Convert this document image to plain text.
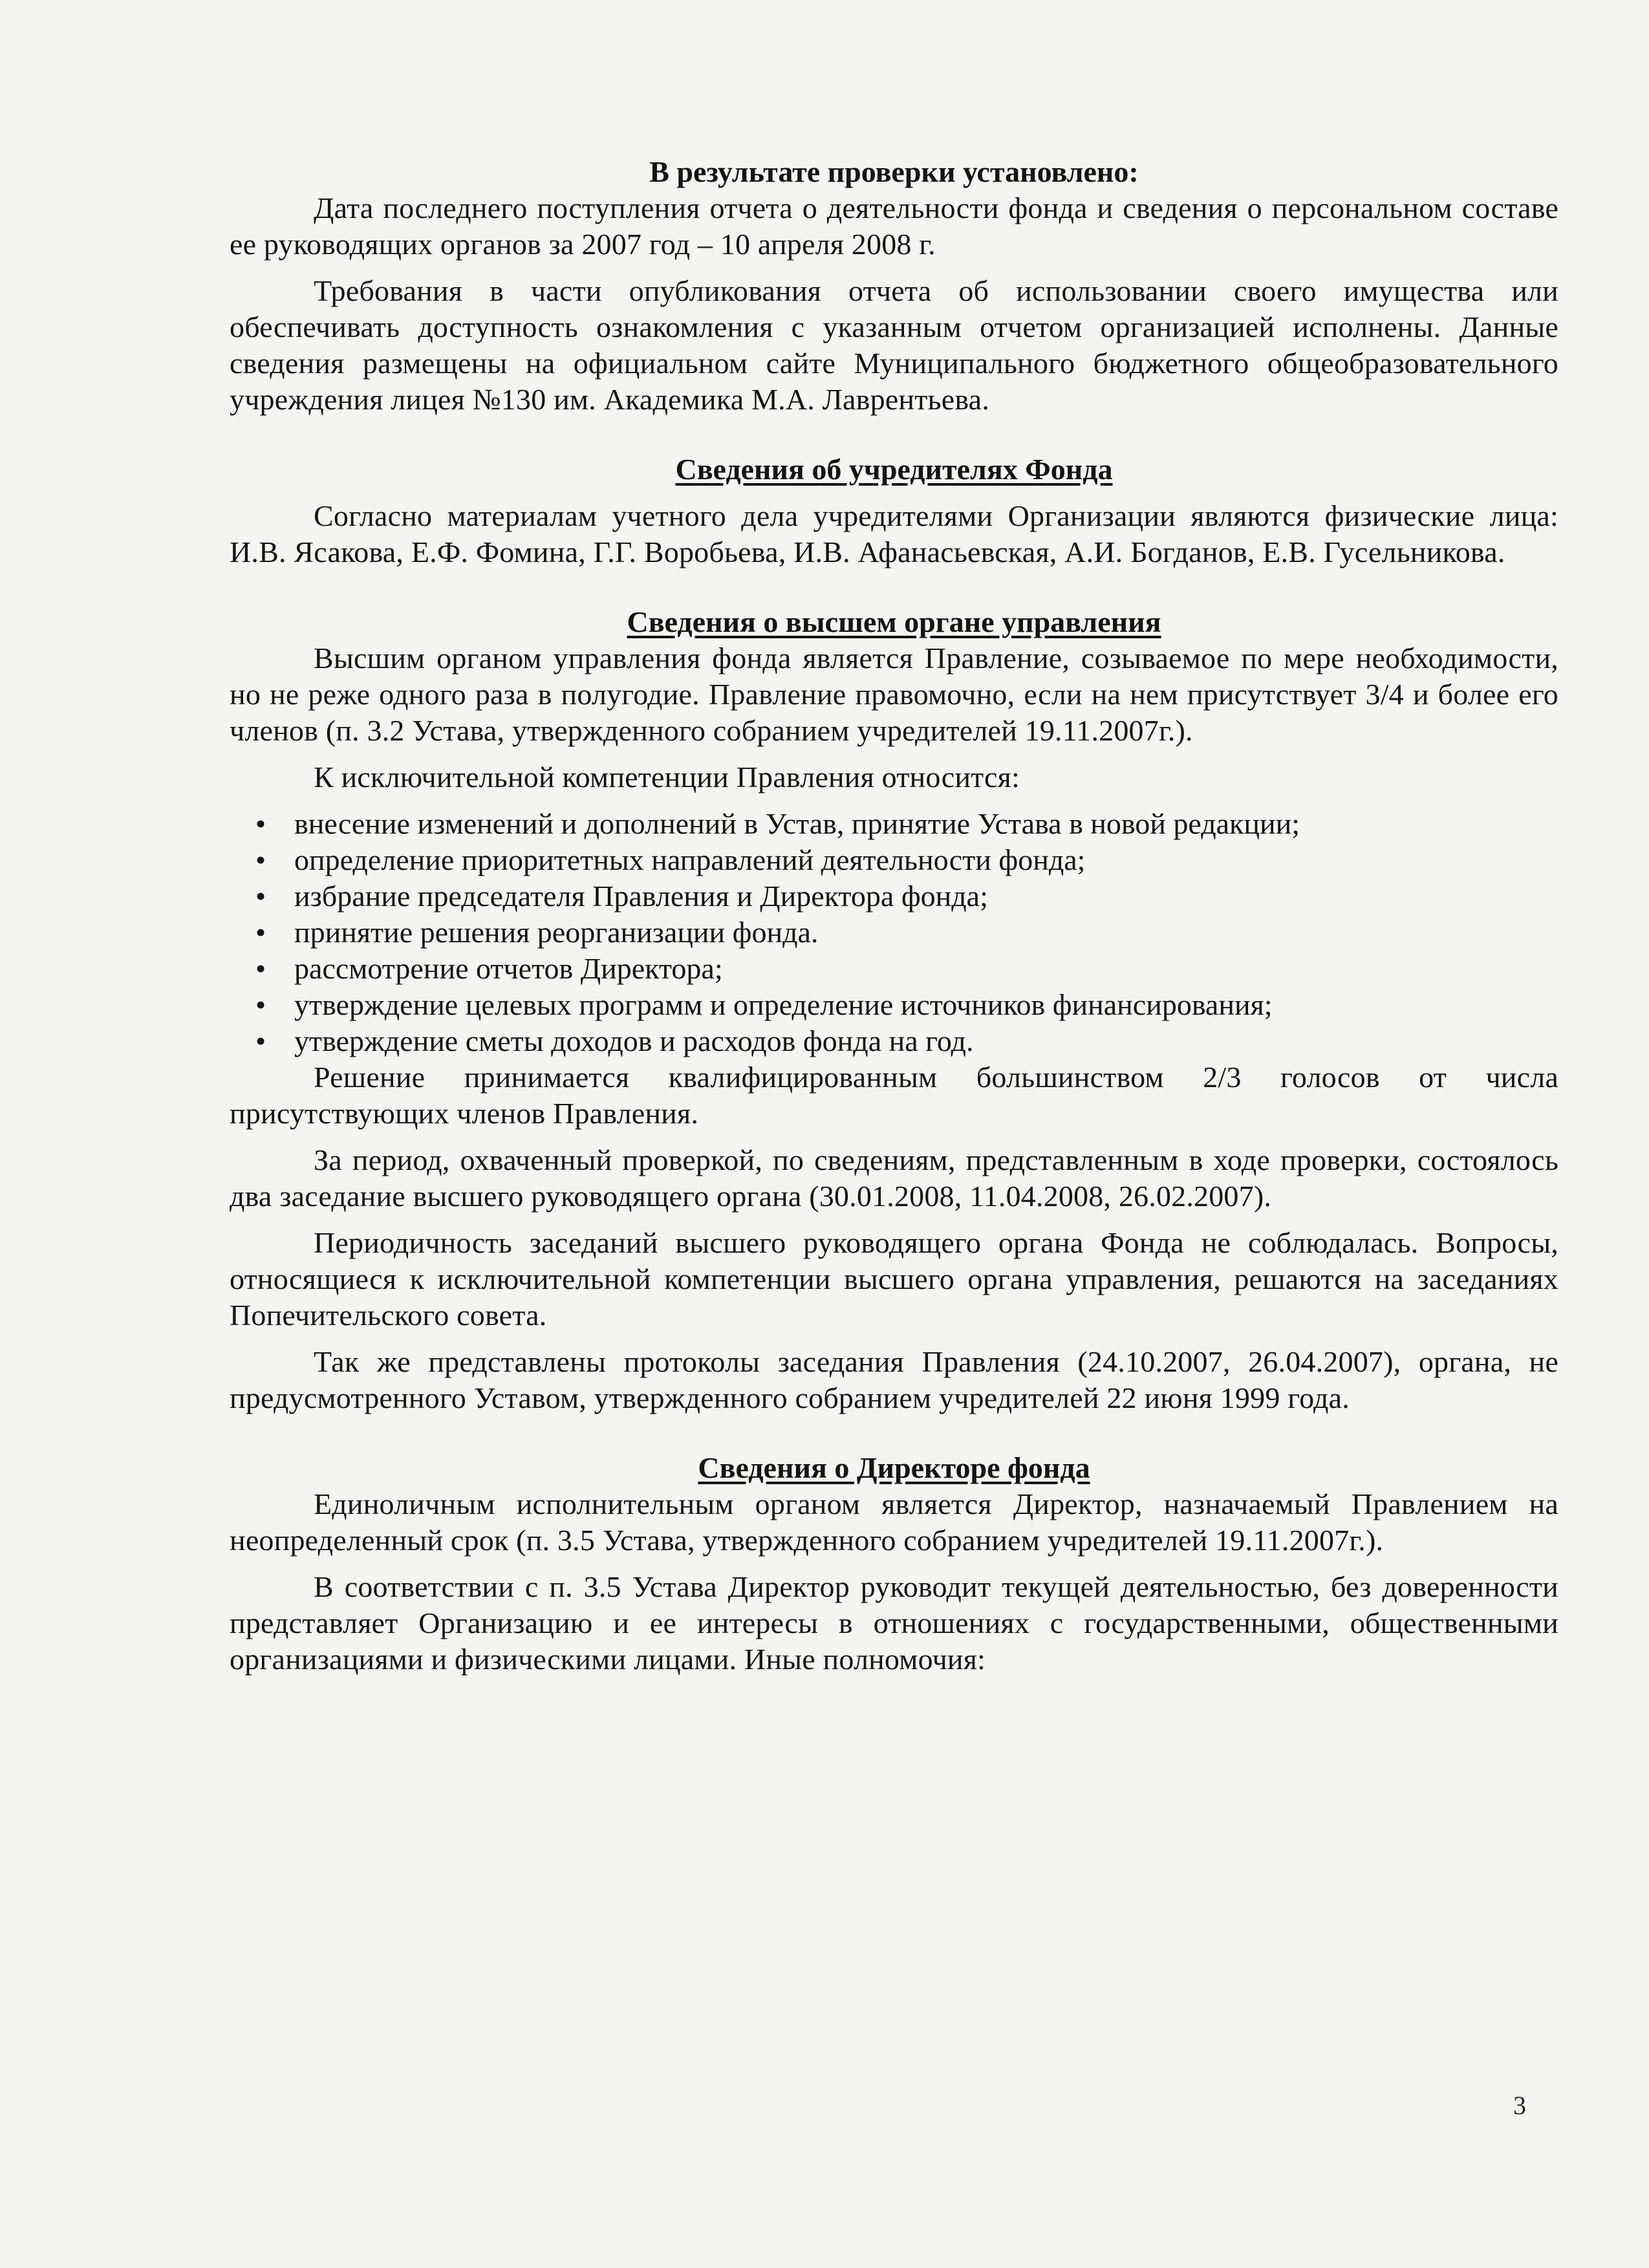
В результате проверки установлено:

Дата последнего поступления отчета о деятельности фонда и сведения о персональном составе ее руководящих органов за 2007 год – 10 апреля 2008 г.

Требования в части опубликования отчета об использовании своего имущества или обеспечивать доступность ознакомления с указанным отчетом организацией исполнены. Данные сведения размещены на официальном сайте Муниципального бюджетного общеобразовательного учреждения лицея №130 им. Академика М.А. Лаврентьева.

Сведения об учредителях Фонда

Согласно материалам учетного дела учредителями Организации являются физические лица: И.В. Ясакова, Е.Ф. Фомина, Г.Г. Воробьева, И.В. Афанасьевская, А.И. Богданов, Е.В. Гусельникова.

Сведения о высшем органе управления

Высшим органом управления фонда является Правление, созываемое по мере необходимости, но не реже одного раза в полугодие. Правление правомочно, если на нем присутствует 3/4 и более его членов (п. 3.2 Устава, утвержденного собранием учредителей 19.11.2007г.).

К исключительной компетенции Правления относится:

• внесение изменений и дополнений в Устав, принятие Устава в новой редакции;
• определение приоритетных направлений деятельности фонда;
• избрание председателя Правления и Директора фонда;
• принятие решения реорганизации фонда.
• рассмотрение отчетов Директора;
• утверждение целевых программ и определение источников финансирования;
• утверждение сметы доходов и расходов фонда на год.

Решение принимается квалифицированным большинством 2/3 голосов от числа присутствующих членов Правления.

За период, охваченный проверкой, по сведениям, представленным в ходе проверки, состоялось два заседание высшего руководящего органа (30.01.2008, 11.04.2008, 26.02.2007).

Периодичность заседаний высшего руководящего органа Фонда не соблюдалась. Вопросы, относящиеся к исключительной компетенции высшего органа управления, решаются на заседаниях Попечительского совета.

Так же представлены протоколы заседания Правления (24.10.2007, 26.04.2007), органа, не предусмотренного Уставом, утвержденного собранием учредителей 22 июня 1999 года.

Сведения о Директоре фонда

Единоличным исполнительным органом является Директор, назначаемый Правлением на неопределенный срок (п. 3.5 Устава, утвержденного собранием учредителей 19.11.2007г.).

В соответствии с п. 3.5 Устава Директор руководит текущей деятельностью, без доверенности представляет Организацию и ее интересы в отношениях с государственными, общественными организациями и физическими лицами. Иные полномочия:

3
